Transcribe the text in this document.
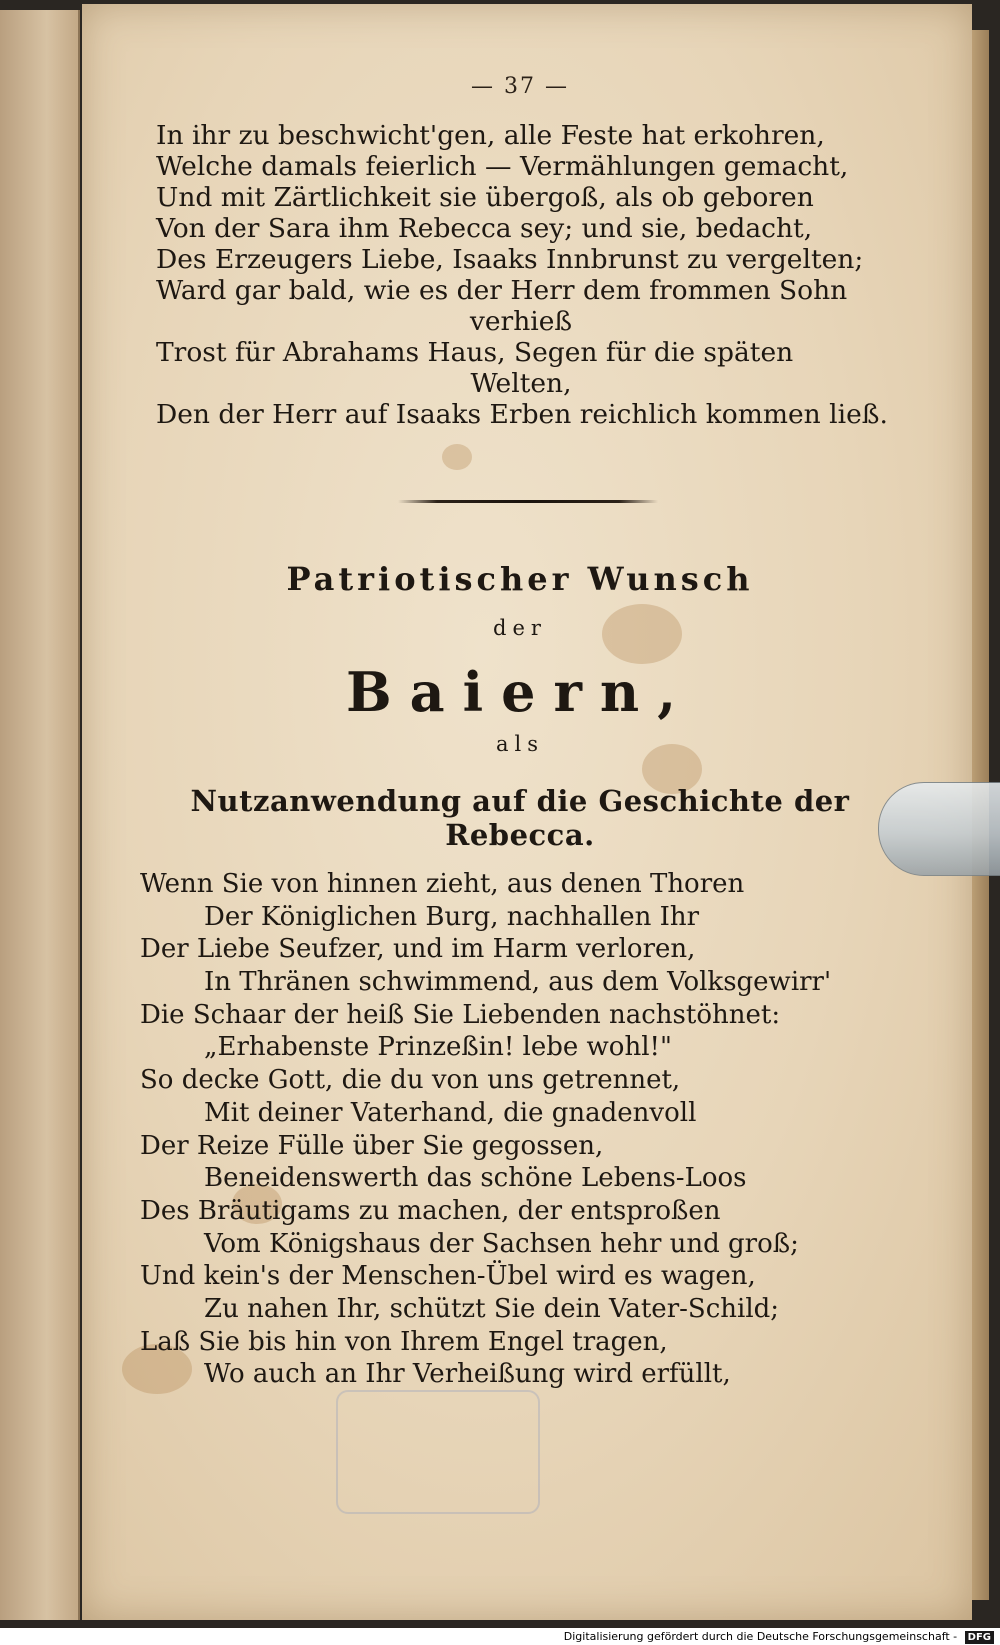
— 37 —
In ihr zu beschwicht'gen, alle Feste hat erkohren,
Welche damals feierlich — Vermählungen gemacht,
Und mit Zärtlichkeit sie übergoß, als ob geboren
Von der Sara ihm Rebecca sey; und sie, bedacht,
Des Erzeugers Liebe, Isaaks Innbrunst zu vergelten;
Ward gar bald, wie es der Herr dem frommen Sohn
verhieß
Trost für Abrahams Haus, Segen für die späten
Welten,
Den der Herr auf Isaaks Erben reichlich kommen ließ.
Patriotischer Wunsch
der
Baiern,
als
Nutzanwendung auf die Geschichte der Rebecca.
Wenn Sie von hinnen zieht, aus denen Thoren
Der Königlichen Burg, nachhallen Ihr
Der Liebe Seufzer, und im Harm verloren,
In Thränen schwimmend, aus dem Volksgewirr'
Die Schaar der heiß Sie Liebenden nachstöhnet:
„Erhabenste Prinzeßin! lebe wohl!"
So decke Gott, die du von uns getrennet,
Mit deiner Vaterhand, die gnadenvoll
Der Reize Fülle über Sie gegossen,
Beneidenswerth das schöne Lebens-Loos
Des Bräutigams zu machen, der entsproßen
Vom Königshaus der Sachsen hehr und groß;
Und kein's der Menschen-Übel wird es wagen,
Zu nahen Ihr, schützt Sie dein Vater-Schild;
Laß Sie bis hin von Ihrem Engel tragen,
Wo auch an Ihr Verheißung wird erfüllt,
Digitalisierung gefördert durch die Deutsche Forschungsgemeinschaft - DFG
